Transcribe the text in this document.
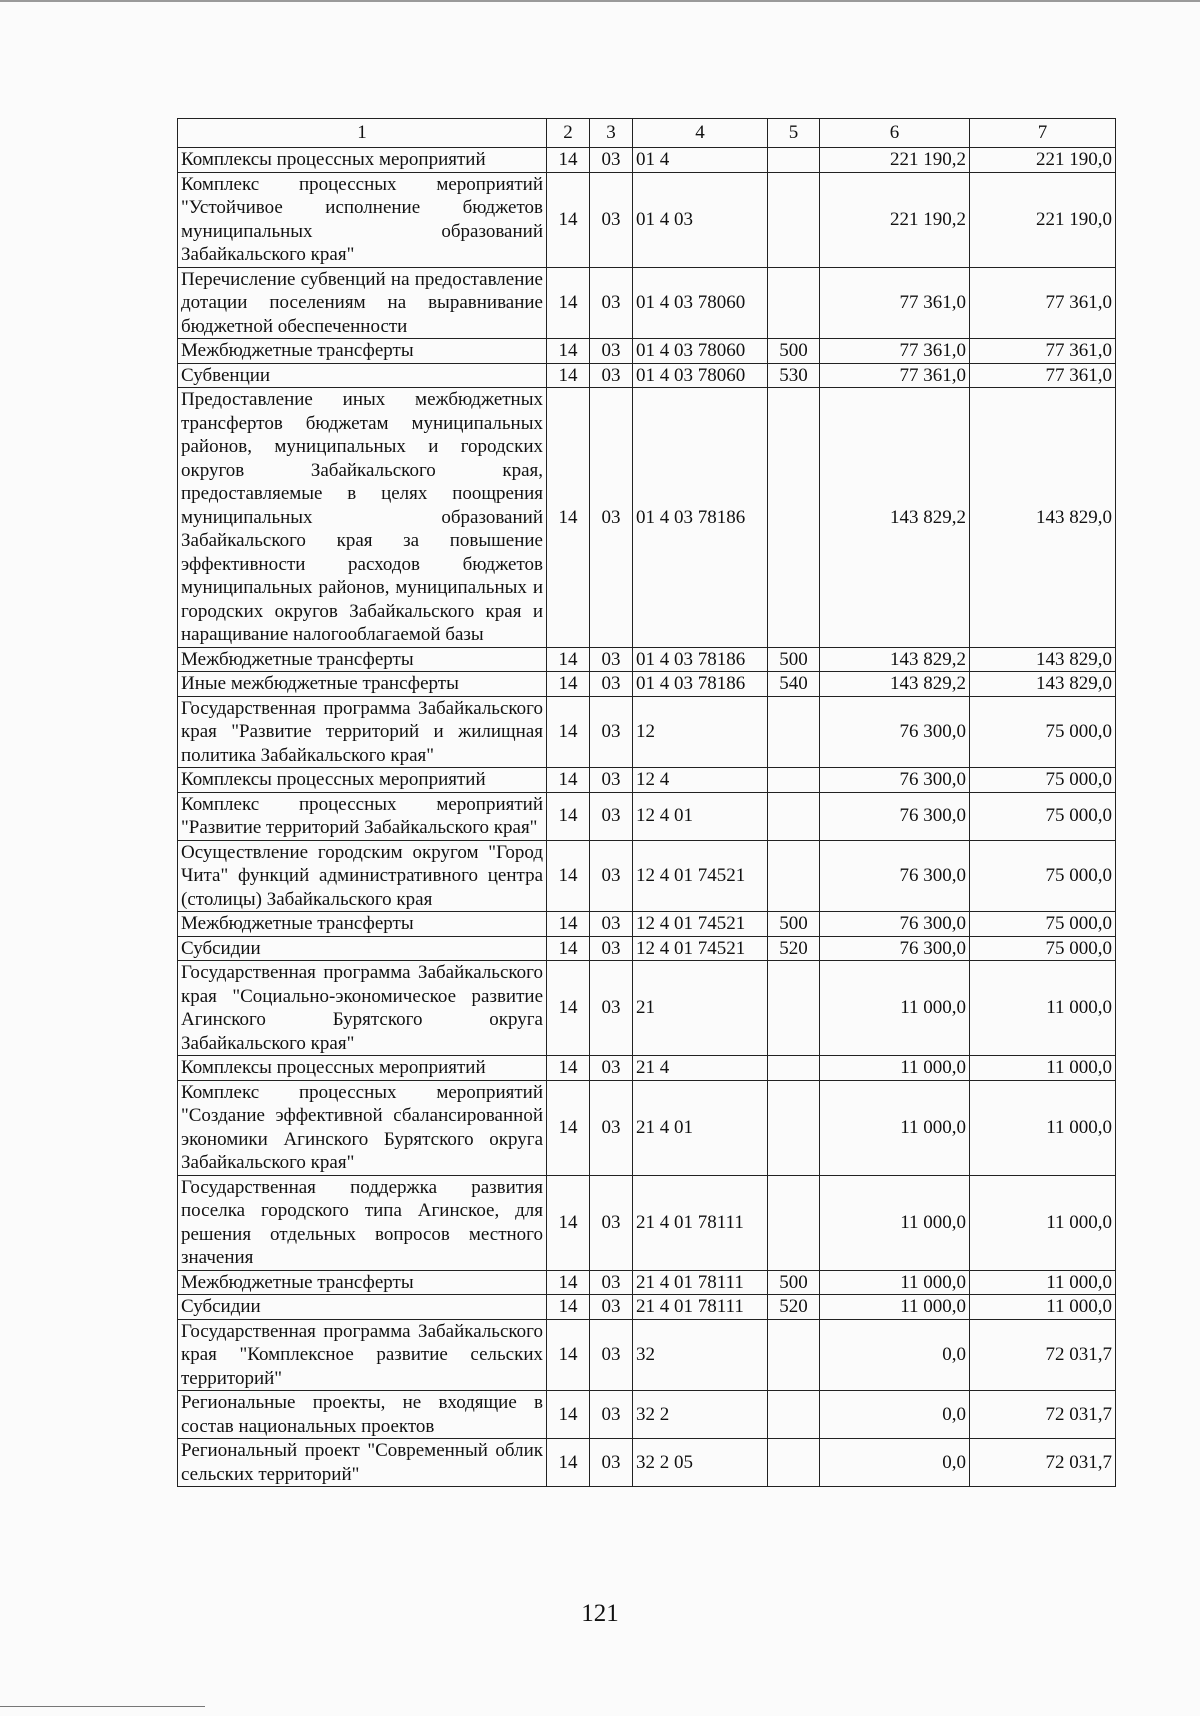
1	2	3	4	5	6	7
Комплексы процессных мероприятий	14	03	01 4		221 190,2	221 190,0
Комплекс процессных мероприятий "Устойчивое исполнение бюджетов муниципальных образований Забайкальского края"	14	03	01 4 03		221 190,2	221 190,0
Перечисление субвенций на предоставление дотации поселениям на выравнивание бюджетной обеспеченности	14	03	01 4 03 78060		77 361,0	77 361,0
Межбюджетные трансферты	14	03	01 4 03 78060	500	77 361,0	77 361,0
Субвенции	14	03	01 4 03 78060	530	77 361,0	77 361,0
Предоставление иных межбюджетных трансфертов бюджетам муниципальных районов, муниципальных и городских округов Забайкальского края, предоставляемые в целях поощрения муниципальных образований Забайкальского края за повышение эффективности расходов бюджетов муниципальных районов, муниципальных и городских округов Забайкальского края и наращивание налогооблагаемой базы	14	03	01 4 03 78186		143 829,2	143 829,0
Межбюджетные трансферты	14	03	01 4 03 78186	500	143 829,2	143 829,0
Иные межбюджетные трансферты	14	03	01 4 03 78186	540	143 829,2	143 829,0
Государственная программа Забайкальского края "Развитие территорий и жилищная политика Забайкальского края"	14	03	12		76 300,0	75 000,0
Комплексы процессных мероприятий	14	03	12 4		76 300,0	75 000,0
Комплекс процессных мероприятий "Развитие территорий Забайкальского края"	14	03	12 4 01		76 300,0	75 000,0
Осуществление городским округом "Город Чита" функций административного центра (столицы) Забайкальского края	14	03	12 4 01 74521		76 300,0	75 000,0
Межбюджетные трансферты	14	03	12 4 01 74521	500	76 300,0	75 000,0
Субсидии	14	03	12 4 01 74521	520	76 300,0	75 000,0
Государственная программа Забайкальского края "Социально-экономическое развитие Агинского Бурятского округа Забайкальского края"	14	03	21		11 000,0	11 000,0
Комплексы процессных мероприятий	14	03	21 4		11 000,0	11 000,0
Комплекс процессных мероприятий "Создание эффективной сбалансированной экономики Агинского Бурятского округа Забайкальского края"	14	03	21 4 01		11 000,0	11 000,0
Государственная поддержка развития поселка городского типа Агинское, для решения отдельных вопросов местного значения	14	03	21 4 01 78111		11 000,0	11 000,0
Межбюджетные трансферты	14	03	21 4 01 78111	500	11 000,0	11 000,0
Субсидии	14	03	21 4 01 78111	520	11 000,0	11 000,0
Государственная программа Забайкальского края "Комплексное развитие сельских территорий"	14	03	32		0,0	72 031,7
Региональные проекты, не входящие в состав национальных проектов	14	03	32 2		0,0	72 031,7
Региональный проект "Современный облик сельских территорий"	14	03	32 2 05		0,0	72 031,7
121
